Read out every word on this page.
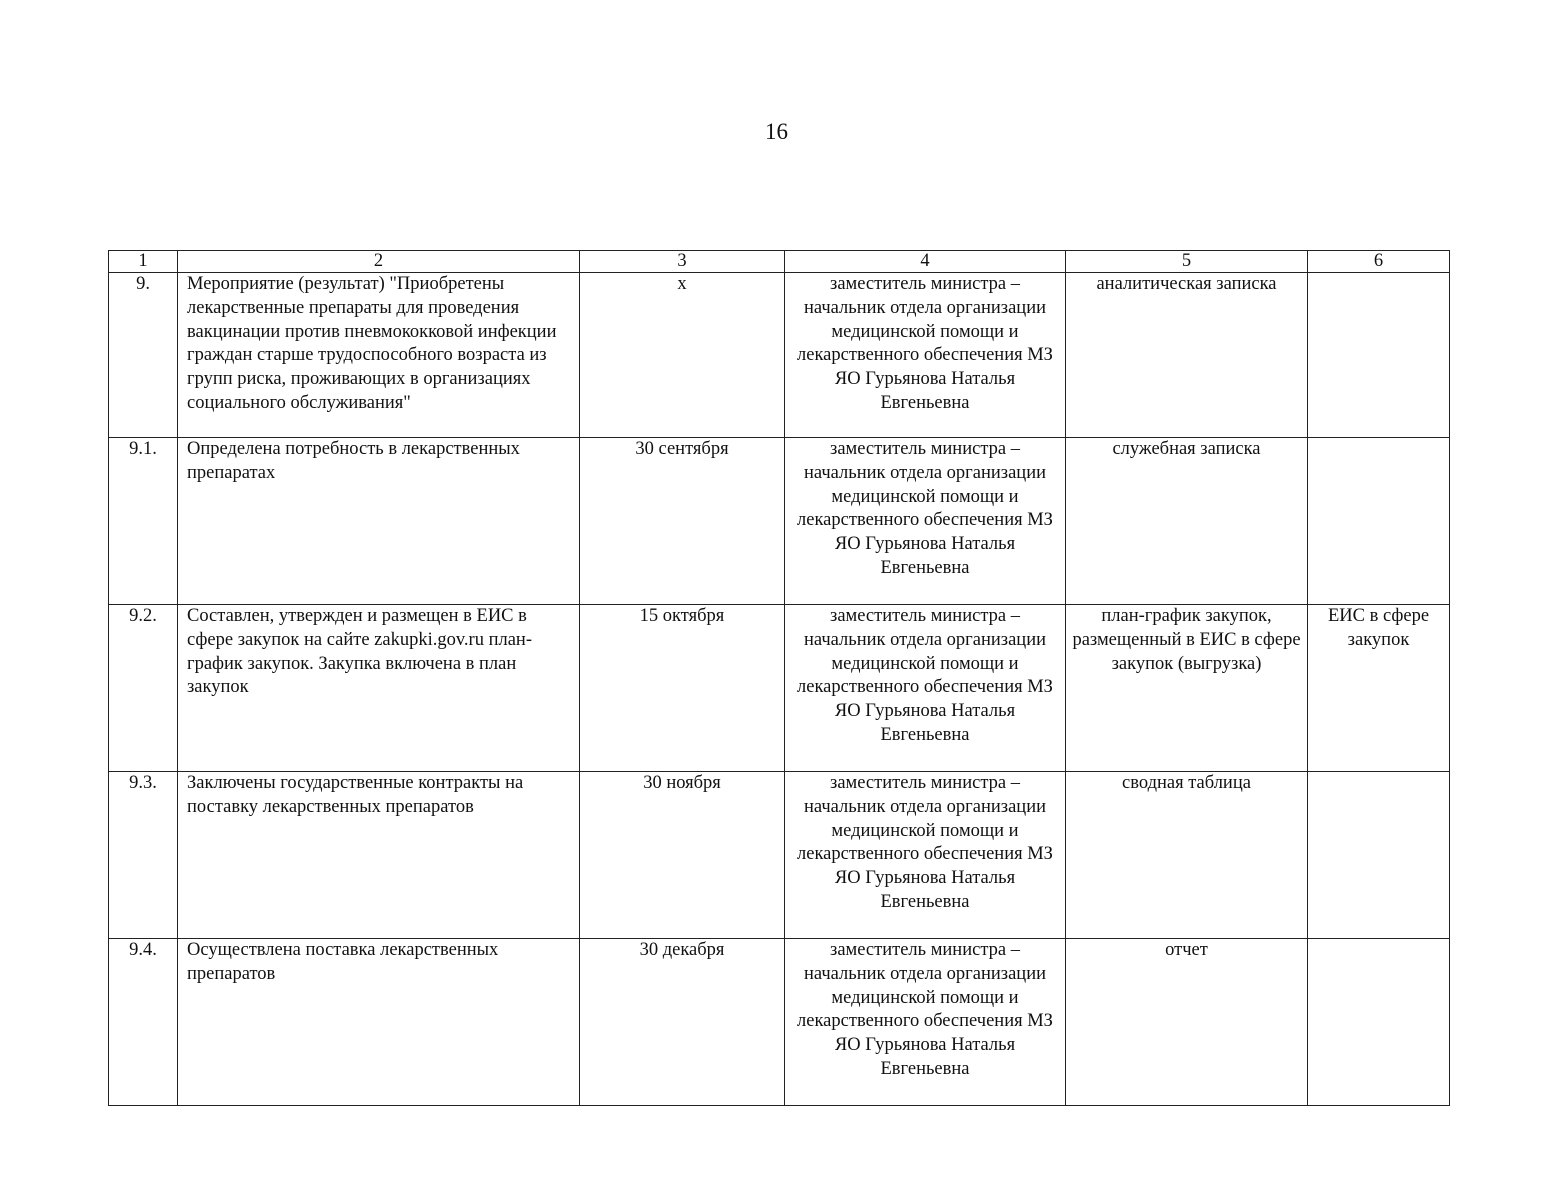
16
1	2	3	4	5	6
9.	Мероприятие (результат) "Приобретены лекарственные препараты для проведения вакцинации против пневмококковой инфекции граждан старше трудоспособного возраста из групп риска, проживающих в организациях социального обслуживания"	х	заместитель министра – начальник отдела организации медицинской помощи и лекарственного обеспечения МЗ ЯО Гурьянова Наталья Евгеньевна	аналитическая записка	
9.1.	Определена потребность в лекарственных препаратах	30 сентября	заместитель министра – начальник отдела организации медицинской помощи и лекарственного обеспечения МЗ ЯО Гурьянова Наталья Евгеньевна	служебная записка	
9.2.	Составлен, утвержден и размещен в ЕИС в сфере закупок на сайте zakupki.gov.ru план-график закупок. Закупка включена в план закупок	15 октября	заместитель министра – начальник отдела организации медицинской помощи и лекарственного обеспечения МЗ ЯО Гурьянова Наталья Евгеньевна	план-график закупок, размещенный в ЕИС в сфере закупок (выгрузка)	ЕИС в сфере закупок
9.3.	Заключены государственные контракты на поставку лекарственных препаратов	30 ноября	заместитель министра – начальник отдела организации медицинской помощи и лекарственного обеспечения МЗ ЯО Гурьянова Наталья Евгеньевна	сводная таблица	
9.4.	Осуществлена поставка лекарственных препаратов	30 декабря	заместитель министра – начальник отдела организации медицинской помощи и лекарственного обеспечения МЗ ЯО Гурьянова Наталья Евгеньевна	отчет	
